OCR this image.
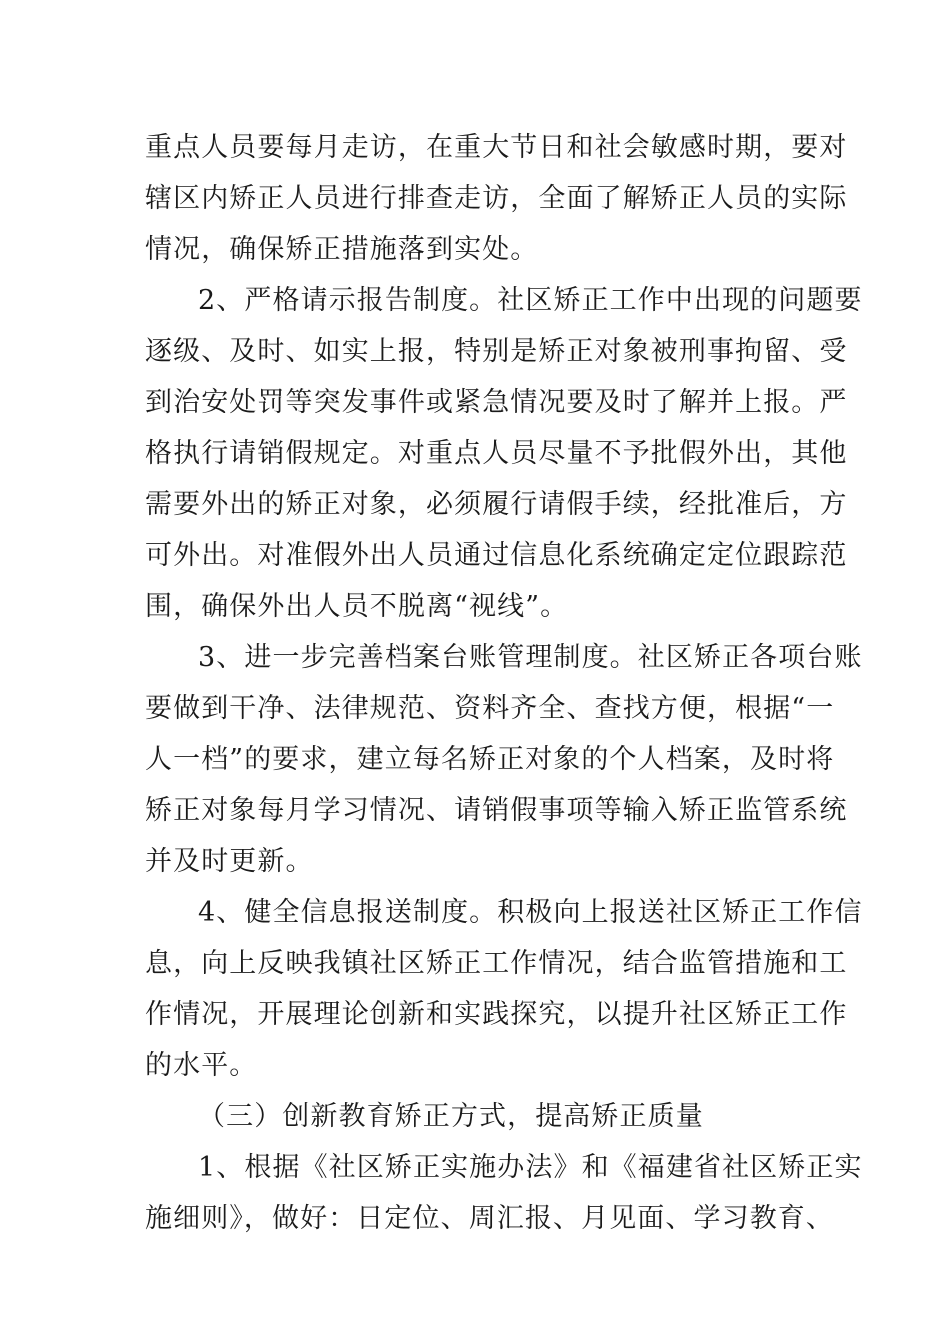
重点人员要每月走访，在重大节日和社会敏感时期，要对
辖区内矫正人员进行排查走访，全面了解矫正人员的实际
情况，确保矫正措施落到实处。
2、严格请示报告制度。社区矫正工作中出现的问题要
逐级、及时、如实上报，特别是矫正对象被刑事拘留、受
到治安处罚等突发事件或紧急情况要及时了解并上报。严
格执行请销假规定。对重点人员尽量不予批假外出，其他
需要外出的矫正对象，必须履行请假手续，经批准后，方
可外出。对准假外出人员通过信息化系统确定定位跟踪范
围，确保外出人员不脱离“视线”。
3、进一步完善档案台账管理制度。社区矫正各项台账
要做到干净、法律规范、资料齐全、查找方便，根据“一
人一档”的要求，建立每名矫正对象的个人档案，及时将
矫正对象每月学习情况、请销假事项等输入矫正监管系统
并及时更新。
4、健全信息报送制度。积极向上报送社区矫正工作信
息，向上反映我镇社区矫正工作情况，结合监管措施和工
作情况，开展理论创新和实践探究，以提升社区矫正工作
的水平。
（三）创新教育矫正方式，提高矫正质量
1、根据《社区矫正实施办法》和《福建省社区矫正实
施细则》，做好：日定位、周汇报、月见面、学习教育、
